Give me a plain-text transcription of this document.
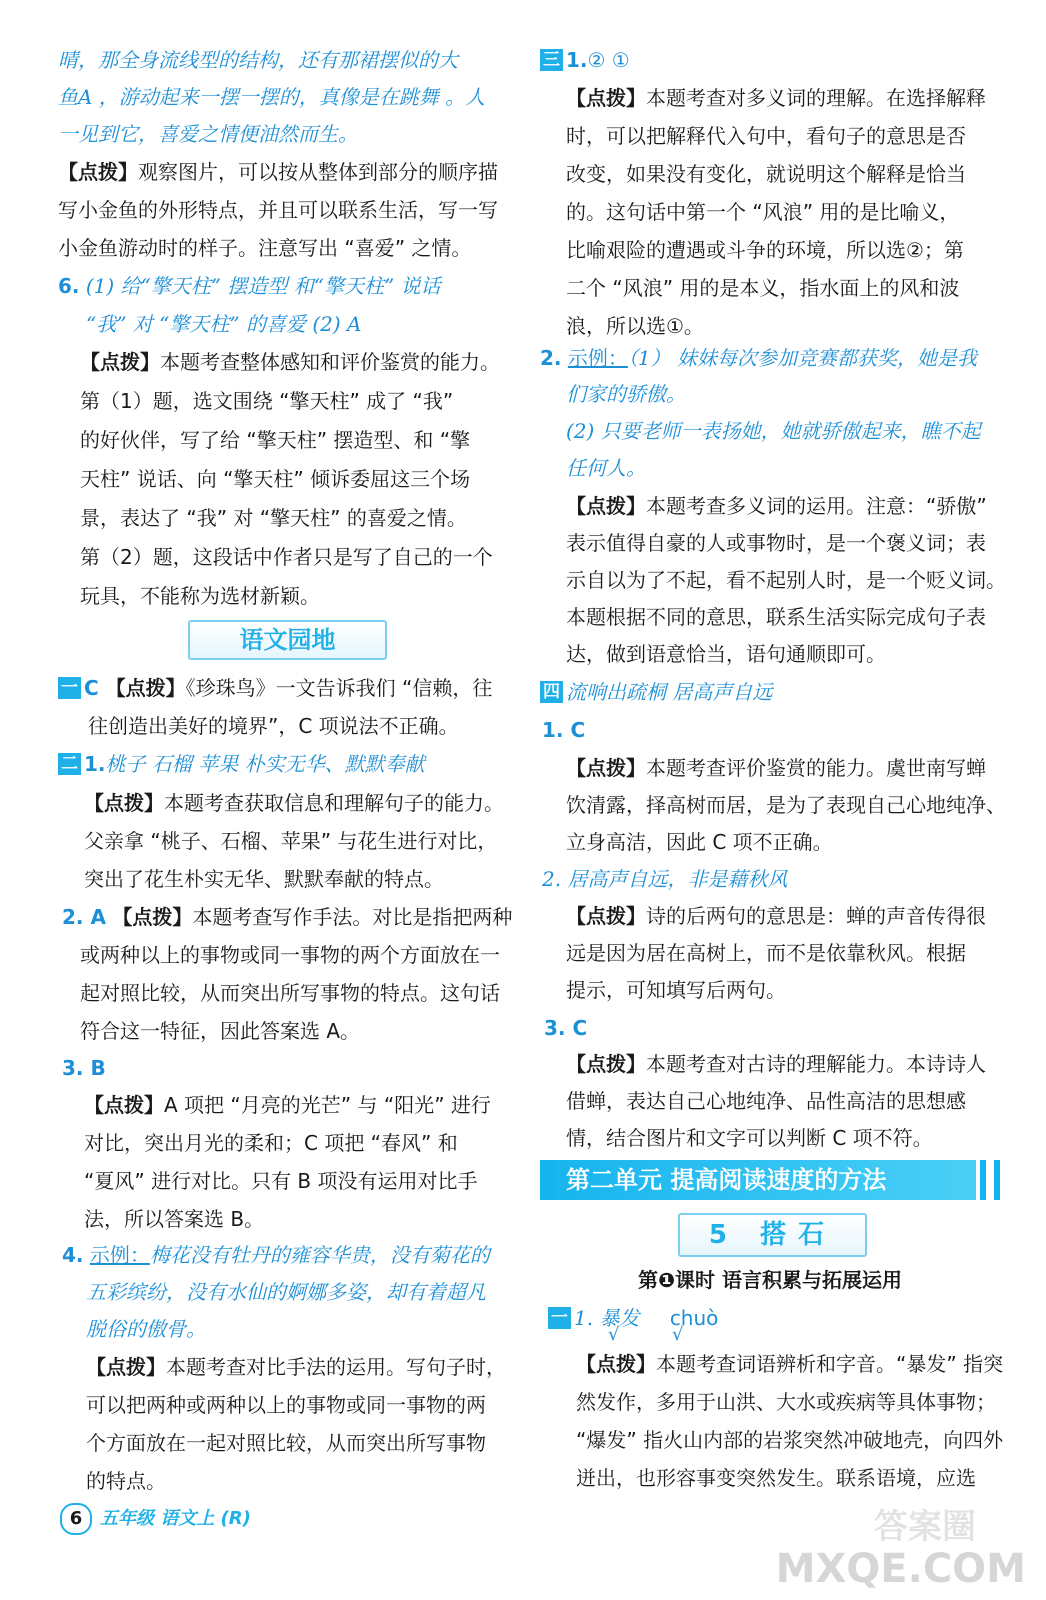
晴，那全身流线型的结构，还有那裙摆似的大
鱼A ，游动起来一摆一摆的，真像是在跳舞 。人
一见到它，喜爱之情便油然而生。
【点拨】观察图片，可以按从整体到部分的顺序描
写小金鱼的外形特点，并且可以联系生活，写一写
小金鱼游动时的样子。注意写出 “喜爱” 之情。
6. (1) 给“擎天柱” 摆造型 和“擎天柱” 说话
“我” 对 “擎天柱” 的喜爱 (2) A
【点拨】本题考查整体感知和评价鉴赏的能力。
第（1）题，选文围绕 “擎天柱” 成了 “我”
的好伙伴，写了给 “擎天柱” 摆造型、和 “擎
天柱” 说话、向 “擎天柱” 倾诉委屈这三个场
景，表达了 “我” 对 “擎天柱” 的喜爱之情。
第（2）题，这段话中作者只是写了自己的一个
玩具，不能称为选材新颖。
语文园地
一 C 【点拨】《珍珠鸟》一文告诉我们 “信赖，往
往创造出美好的境界”，C 项说法不正确。
二 1.桃子 石榴 苹果 朴实无华、默默奉献
【点拨】本题考查获取信息和理解句子的能力。
父亲拿 “桃子、石榴、苹果” 与花生进行对比，
突出了花生朴实无华、默默奉献的特点。
2. A 【点拨】本题考查写作手法。对比是指把两种
或两种以上的事物或同一事物的两个方面放在一
起对照比较，从而突出所写事物的特点。这句话
符合这一特征，因此答案选 A。
3. B
【点拨】A 项把 “月亮的光芒” 与 “阳光” 进行
对比，突出月光的柔和；C 项把 “春风” 和
“夏风” 进行对比。只有 B 项没有运用对比手
法，所以答案选 B。
4. 示例：梅花没有牡丹的雍容华贵，没有菊花的
五彩缤纷，没有水仙的婀娜多姿，却有着超凡
脱俗的傲骨。
【点拨】本题考查对比手法的运用。写句子时，
可以把两种或两种以上的事物或同一事物的两
个方面放在一起对照比较，从而突出所写事物
的特点。
三 1.② ①
【点拨】本题考查对多义词的理解。在选择解释
时，可以把解释代入句中，看句子的意思是否
改变，如果没有变化，就说明这个解释是恰当
的。这句话中第一个 “风浪” 用的是比喻义，
比喻艰险的遭遇或斗争的环境，所以选②；第
二个 “风浪” 用的是本义，指水面上的风和波
浪，所以选①。
2. 示例：（1） 妹妹每次参加竞赛都获奖，她是我
们家的骄傲。
(2) 只要老师一表扬她，她就骄傲起来，瞧不起
任何人。
【点拨】本题考查多义词的运用。注意：“骄傲”
表示值得自豪的人或事物时，是一个褒义词；表
示自以为了不起，看不起别人时，是一个贬义词。
本题根据不同的意思，联系生活实际完成句子表
达，做到语意恰当，语句通顺即可。
四 流响出疏桐 居高声自远
1. C
【点拨】本题考查评价鉴赏的能力。虞世南写蝉
饮清露，择高树而居，是为了表现自己心地纯净、
立身高洁，因此 C 项不正确。
2. 居高声自远，非是藉秋风
【点拨】诗的后两句的意思是：蝉的声音传得很
远是因为居在高树上，而不是依靠秋风。根据
提示，可知填写后两句。
3. C
【点拨】本题考查对古诗的理解能力。本诗诗人
借蝉，表达自己心地纯净、品性高洁的思想感
情，结合图片和文字可以判断 C 项不符。
第二单元 提高阅读速度的方法
5 搭石
第❶课时 语言积累与拓展运用
一 1. 暴发 chuò
√	√
【点拨】本题考查词语辨析和字音。“暴发” 指突
然发作，多用于山洪、大水或疾病等具体事物；
“爆发” 指火山内部的岩浆突然冲破地壳，向四外
迸出，也形容事变突然发生。联系语境，应选
6 五年级 语文上 (R)	答案圈
MXQE.COM
